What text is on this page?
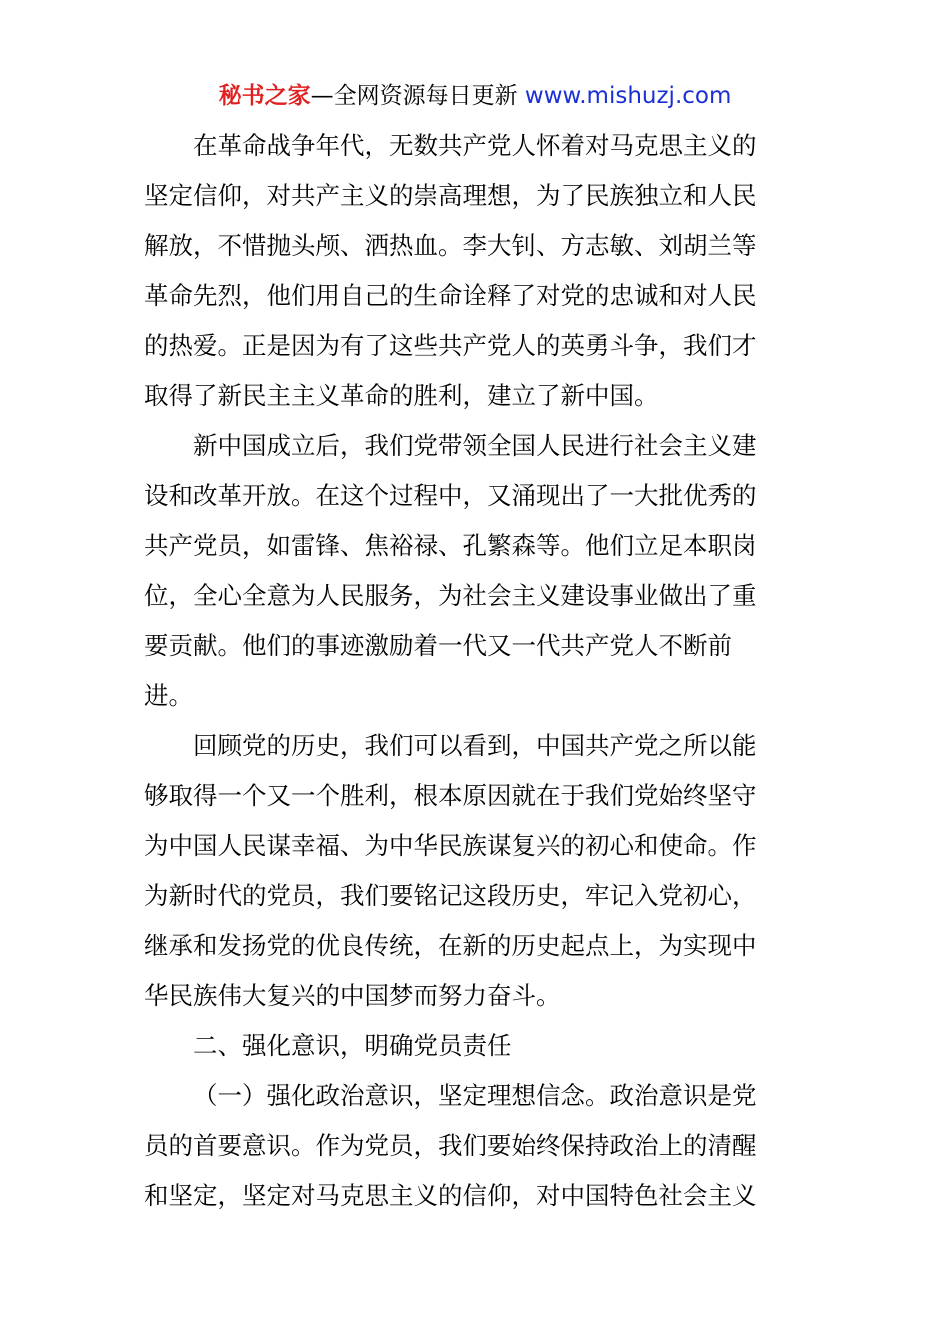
秘书之家—全网资源每日更新 www.mishuzj.com
在革命战争年代，无数共产党人怀着对马克思主义的
坚定信仰，对共产主义的崇高理想，为了民族独立和人民
解放，不惜抛头颅、洒热血。李大钊、方志敏、刘胡兰等
革命先烈，他们用自己的生命诠释了对党的忠诚和对人民
的热爱。正是因为有了这些共产党人的英勇斗争，我们才
取得了新民主主义革命的胜利，建立了新中国。
新中国成立后，我们党带领全国人民进行社会主义建
设和改革开放。在这个过程中，又涌现出了一大批优秀的
共产党员，如雷锋、焦裕禄、孔繁森等。他们立足本职岗
位，全心全意为人民服务，为社会主义建设事业做出了重
要贡献。他们的事迹激励着一代又一代共产党人不断前
进。
回顾党的历史，我们可以看到，中国共产党之所以能
够取得一个又一个胜利，根本原因就在于我们党始终坚守
为中国人民谋幸福、为中华民族谋复兴的初心和使命。作
为新时代的党员，我们要铭记这段历史，牢记入党初心，
继承和发扬党的优良传统，在新的历史起点上，为实现中
华民族伟大复兴的中国梦而努力奋斗。
二、强化意识，明确党员责任
（一）强化政治意识，坚定理想信念。政治意识是党
员的首要意识。作为党员，我们要始终保持政治上的清醒
和坚定，坚定对马克思主义的信仰，对中国特色社会主义
